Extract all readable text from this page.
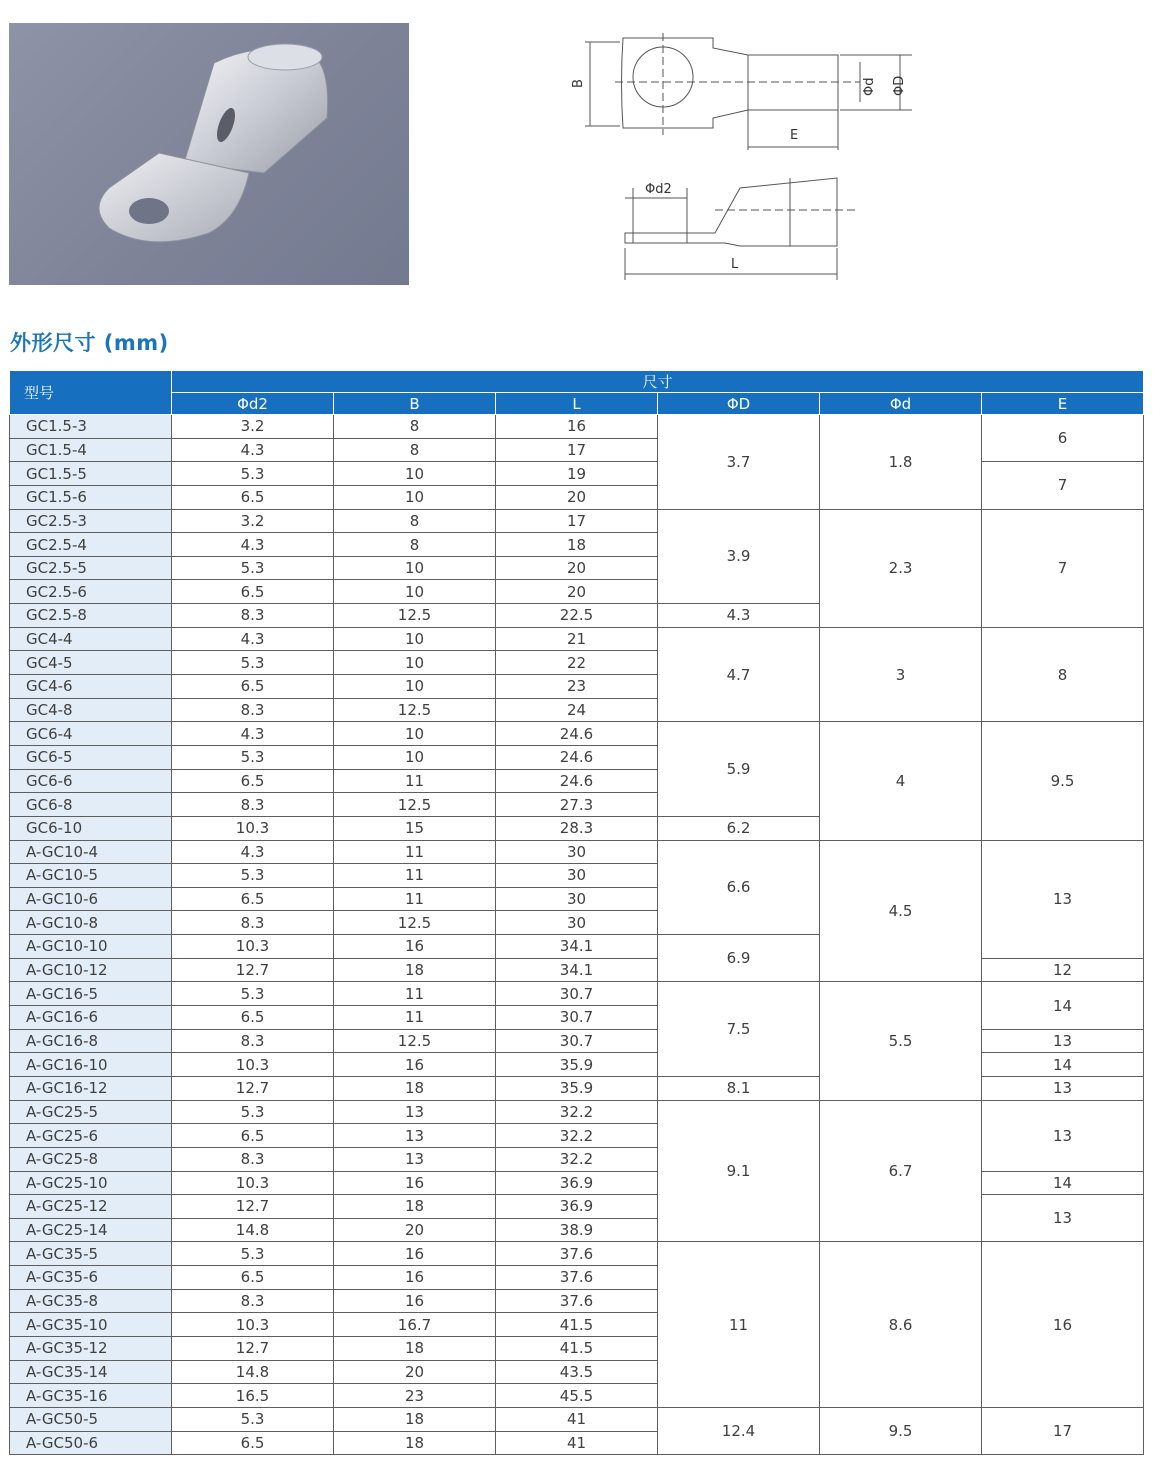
B	Φd ΦD
E
Φd2
L
外形尺寸 (mm)
型号	尺寸					
	Φd2	B	L	ΦD	Φd	E
GC1.5-3	3.2	8	16	3.7	1.8	6
GC1.5-4	4.3	8	17			
GC1.5-5	5.3	10	19			7
GC1.5-6	6.5	10	20			
GC2.5-3	3.2	8	17	3.9	2.3	7
GC2.5-4	4.3	8	18			
GC2.5-5	5.3	10	20			
GC2.5-6	6.5	10	20			
GC2.5-8	8.3	12.5	22.5	4.3		
GC4-4	4.3	10	21	4.7	3	8
GC4-5	5.3	10	22			
GC4-6	6.5	10	23			
GC4-8	8.3	12.5	24			
GC6-4	4.3	10	24.6	5.9	4	9.5
GC6-5	5.3	10	24.6			
GC6-6	6.5	11	24.6			
GC6-8	8.3	12.5	27.3			
GC6-10	10.3	15	28.3	6.2		
A-GC10-4	4.3	11	30	6.6	4.5	13
A-GC10-5	5.3	11	30			
A-GC10-6	6.5	11	30			
A-GC10-8	8.3	12.5	30			
A-GC10-10	10.3	16	34.1	6.9		
A-GC10-12	12.7	18	34.1			12
A-GC16-5	5.3	11	30.7	7.5	5.5	14
A-GC16-6	6.5	11	30.7			
A-GC16-8	8.3	12.5	30.7			13
A-GC16-10	10.3	16	35.9			14
A-GC16-12	12.7	18	35.9	8.1		13
A-GC25-5	5.3	13	32.2	9.1	6.7	13
A-GC25-6	6.5	13	32.2			
A-GC25-8	8.3	13	32.2			
A-GC25-10	10.3	16	36.9			14
A-GC25-12	12.7	18	36.9			13
A-GC25-14	14.8	20	38.9			
A-GC35-5	5.3	16	37.6	11	8.6	16
A-GC35-6	6.5	16	37.6			
A-GC35-8	8.3	16	37.6			
A-GC35-10	10.3	16.7	41.5			
A-GC35-12	12.7	18	41.5			
A-GC35-14	14.8	20	43.5			
A-GC35-16	16.5	23	45.5			
A-GC50-5	5.3	18	41	12.4	9.5	17
A-GC50-6	6.5	18	41			
